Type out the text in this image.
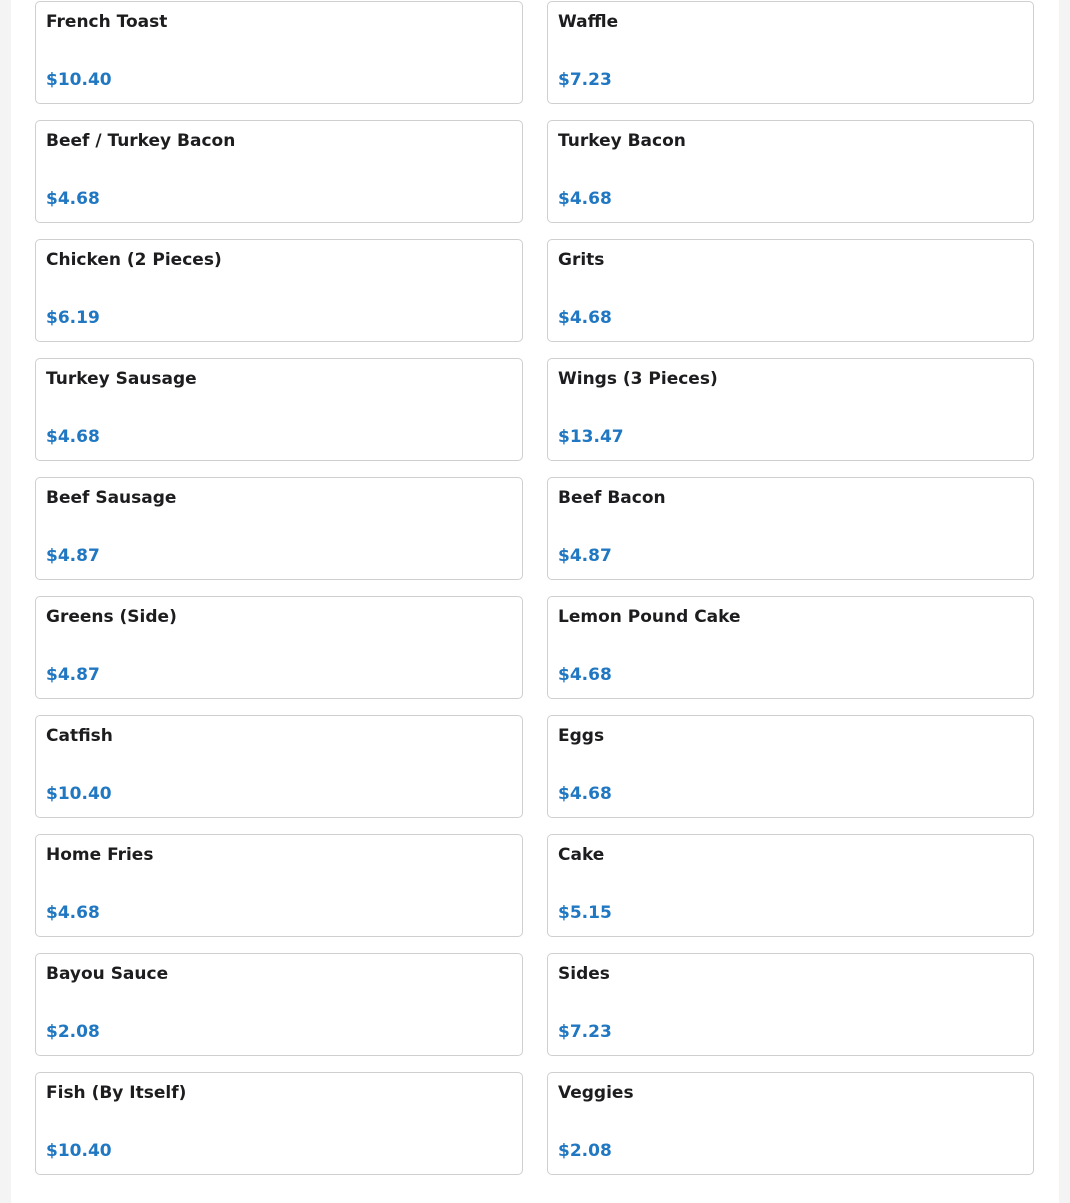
French Toast
$10.40
Waffle
$7.23
Beef / Turkey Bacon
$4.68
Turkey Bacon
$4.68
Chicken (2 Pieces)
$6.19
Grits
$4.68
Turkey Sausage
$4.68
Wings (3 Pieces)
$13.47
Beef Sausage
$4.87
Beef Bacon
$4.87
Greens (Side)
$4.87
Lemon Pound Cake
$4.68
Catfish
$10.40
Eggs
$4.68
Home Fries
$4.68
Cake
$5.15
Bayou Sauce
$2.08
Sides
$7.23
Fish (By Itself)
$10.40
Veggies
$2.08
